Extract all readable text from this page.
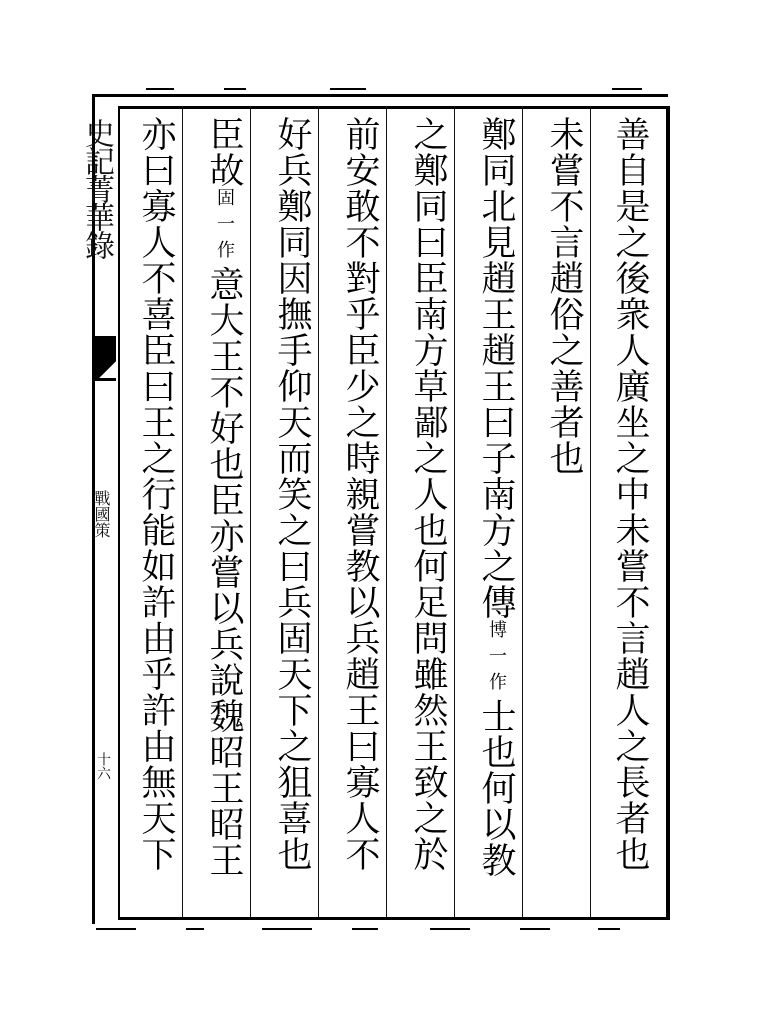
史記菁華錄
戰國策
十六	善自是之後衆人廣坐之中未嘗不言趙人之長者也
未嘗不言趙俗之善者也
鄭同北見趙王趙王曰子南方之傳博一作士也何以教
之鄭同曰臣南方草鄙之人也何足問雖然王致之於
前安敢不對乎臣少之時親嘗教以兵趙王曰寡人不
好兵鄭同因撫手仰天而笑之曰兵固天下之狙喜也
臣故固一作意大王不好也臣亦嘗以兵說魏昭王昭王
亦曰寡人不喜臣曰王之行能如許由乎許由無天下
